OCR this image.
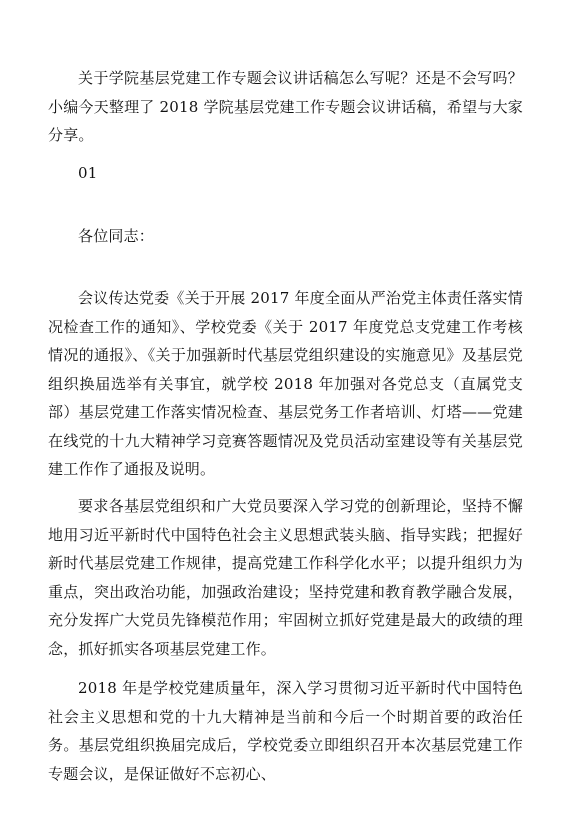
关于学院基层党建工作专题会议讲话稿怎么写呢？还是不会写吗？小编今天整理了 2018 学院基层党建工作专题会议讲话稿，希望与大家分享。

01

各位同志：

会议传达党委《关于开展 2017 年度全面从严治党主体责任落实情况检查工作的通知》、学校党委《关于 2017 年度党总支党建工作考核情况的通报》、《关于加强新时代基层党组织建设的实施意见》及基层党组织换届选举有关事宜，就学校 2018 年加强对各党总支（直属党支部）基层党建工作落实情况检查、基层党务工作者培训、灯塔——党建在线党的十九大精神学习竞赛答题情况及党员活动室建设等有关基层党建工作作了通报及说明。

要求各基层党组织和广大党员要深入学习党的创新理论，坚持不懈地用习近平新时代中国特色社会主义思想武装头脑、指导实践；把握好新时代基层党建工作规律，提高党建工作科学化水平；以提升组织力为重点，突出政治功能，加强政治建设；坚持党建和教育教学融合发展，充分发挥广大党员先锋模范作用；牢固树立抓好党建是最大的政绩的理念，抓好抓实各项基层党建工作。

2018 年是学校党建质量年，深入学习贯彻习近平新时代中国特色社会主义思想和党的十九大精神是当前和今后一个时期首要的政治任务。基层党组织换届完成后，学校党委立即组织召开本次基层党建工作专题会议，是保证做好不忘初心、
